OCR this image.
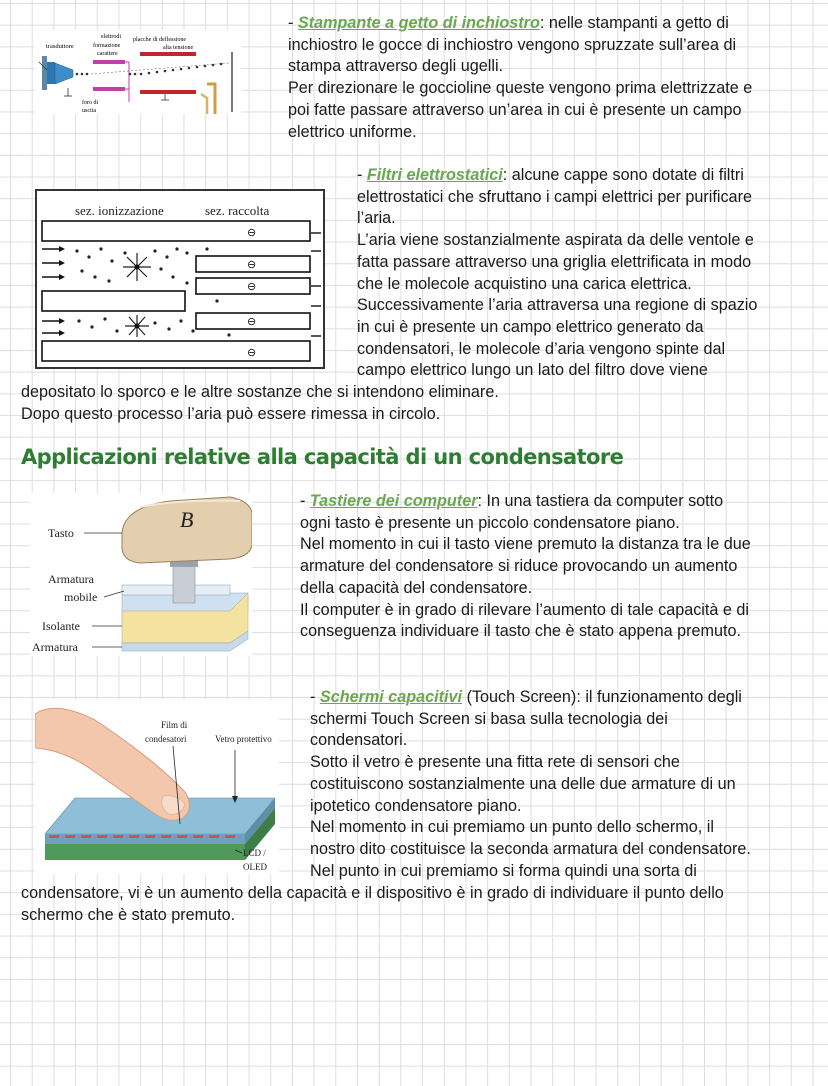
trasduttore
elettrodi
formazione
carattere
placche di deflessione
alta tensione
foro di
uscita
- Stampante a getto di inchiostro: nelle stampanti a getto di
inchiostro le gocce di inchiostro vengono spruzzate sull’area di
stampa attraverso degli ugelli.
Per direzionare le goccioline queste vengono prima elettrizzate e
poi fatte passare attraverso un’area in cui è presente un campo
elettrico uniforme.
sez. ionizzazione	sez. raccolta
⊖
⊖
⊖
⊖
⊖
- Filtri elettrostatici: alcune cappe sono dotate di filtri
elettrostatici che sfruttano i campi elettrici per purificare
l’aria.
L’aria viene sostanzialmente aspirata da delle ventole e
fatta passare attraverso una griglia elettrificata in modo
che le molecole acquistino una carica elettrica.
Successivamente l’aria attraversa una regione di spazio
in cui è presente un campo elettrico generato da
condensatori, le molecole d’aria vengono spinte dal
campo elettrico lungo un lato del filtro dove viene
depositato lo sporco e le altre sostanze che si intendono eliminare.
Dopo questo processo l’aria può essere rimessa in circolo.
Applicazioni relative alla capacità di un condensatore
B
Tasto
Armatura
mobile
Isolante
Armatura
- Tastiere dei computer: In una tastiera da computer sotto
ogni tasto è presente un piccolo condensatore piano.
Nel momento in cui il tasto viene premuto la distanza tra le due
armature del condensatore si riduce provocando un aumento
della capacità del condensatore.
Il computer è in grado di rilevare l’aumento di tale capacità e di
conseguenza individuare il tasto che è stato appena premuto.
Film di
condesatori	Vetro protettivo
LCD /
OLED
- Schermi capacitivi (Touch Screen): il funzionamento degli
schermi Touch Screen si basa sulla tecnologia dei
condensatori.
Sotto il vetro è presente una fitta rete di sensori che
costituiscono sostanzialmente una delle due armature di un
ipotetico condensatore piano.
Nel momento in cui premiamo un punto dello schermo, il
nostro dito costituisce la seconda armatura del condensatore.
Nel punto in cui premiamo si forma quindi una sorta di
condensatore, vi è un aumento della capacità e il dispositivo è in grado di individuare il punto dello
schermo che è stato premuto.
